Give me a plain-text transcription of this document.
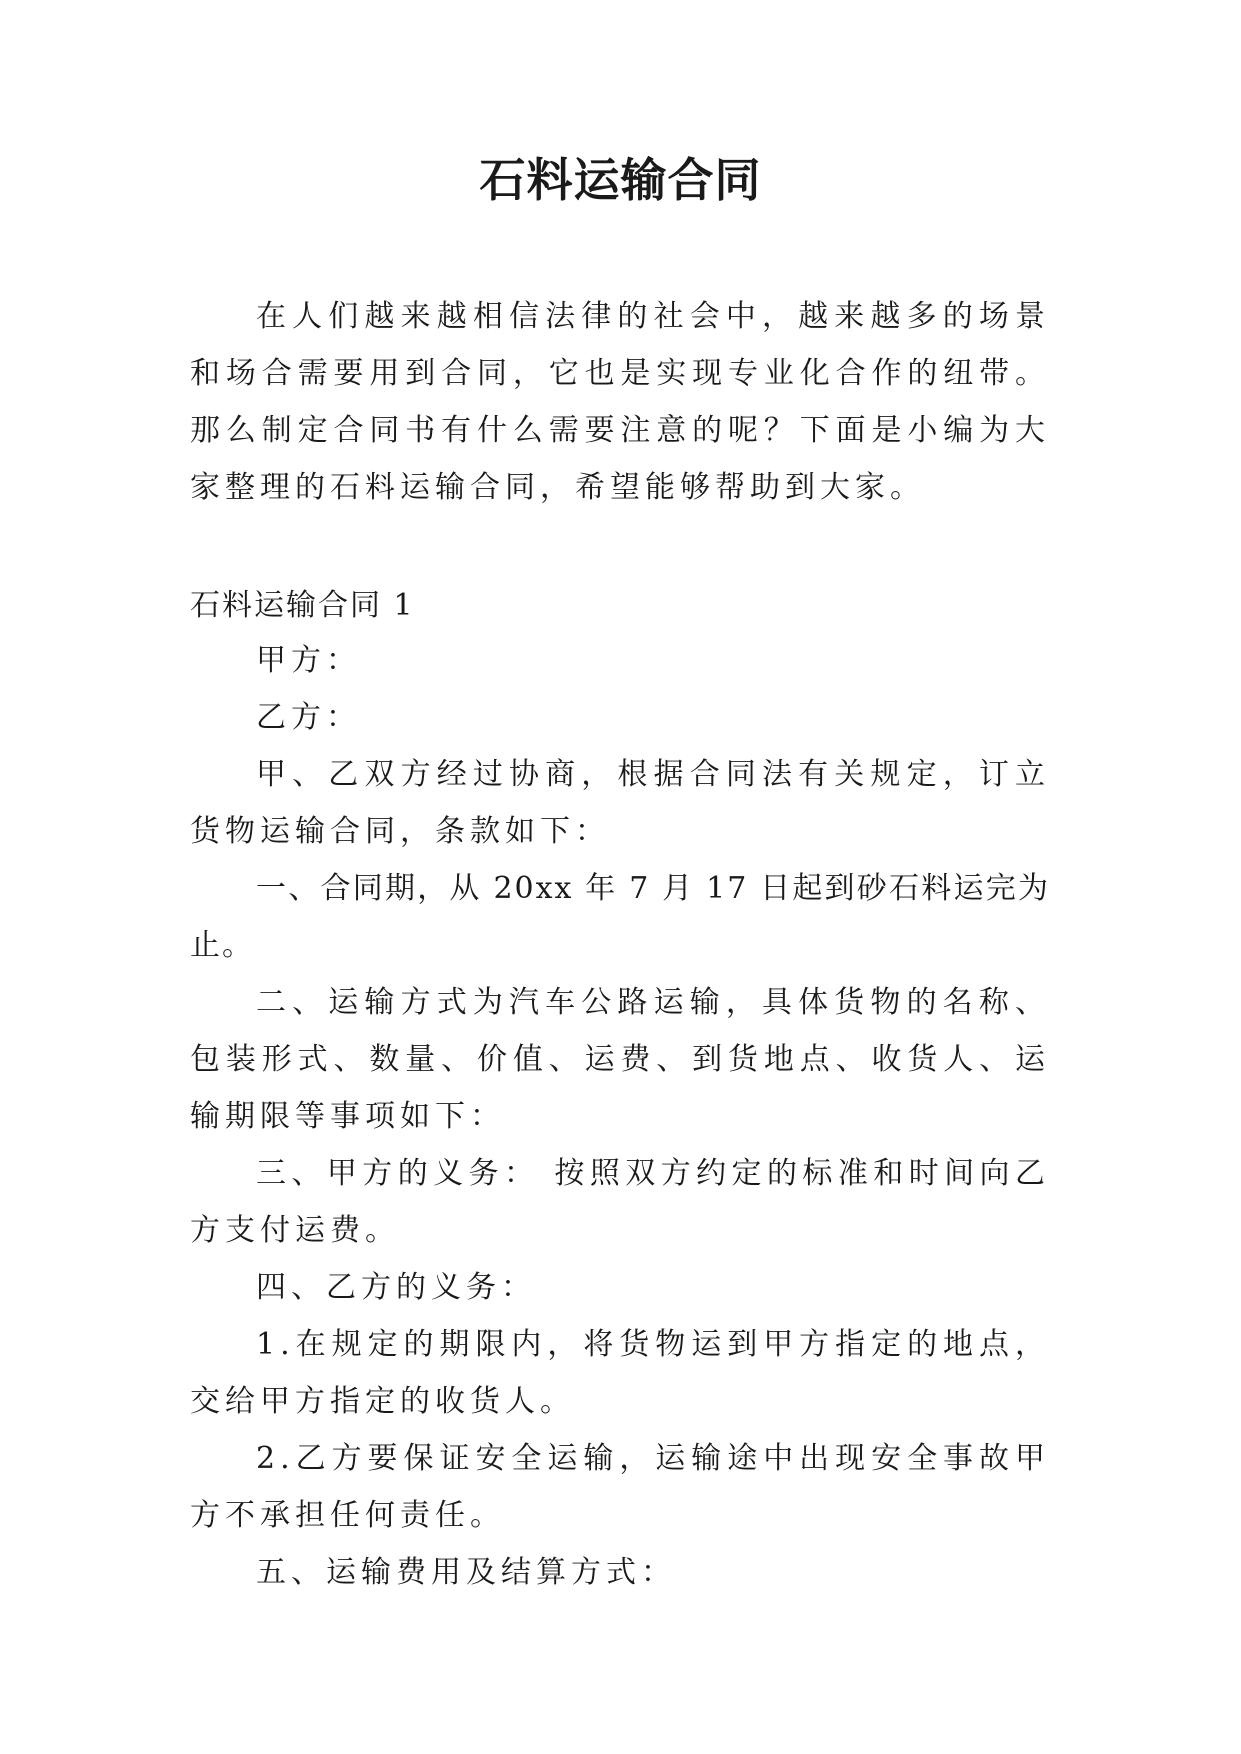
石料运输合同

在人们越来越相信法律的社会中，越来越多的场景和场合需要用到合同，它也是实现专业化合作的纽带。那么制定合同书有什么需要注意的呢？下面是小编为大家整理的石料运输合同，希望能够帮助到大家。

石料运输合同 1

甲方：

乙方：

甲、乙双方经过协商，根据合同法有关规定，订立货物运输合同，条款如下：

一、合同期，从 20xx 年 7 月 17 日起到砂石料运完为止。

二、运输方式为汽车公路运输，具体货物的名称、包装形式、数量、价值、运费、到货地点、收货人、运输期限等事项如下：

三、甲方的义务： 按照双方约定的标准和时间向乙方支付运费。

四、乙方的义务：

1.在规定的期限内，将货物运到甲方指定的地点，交给甲方指定的收货人。

2.乙方要保证安全运输，运输途中出现安全事故甲方不承担任何责任。

五、运输费用及结算方式：
